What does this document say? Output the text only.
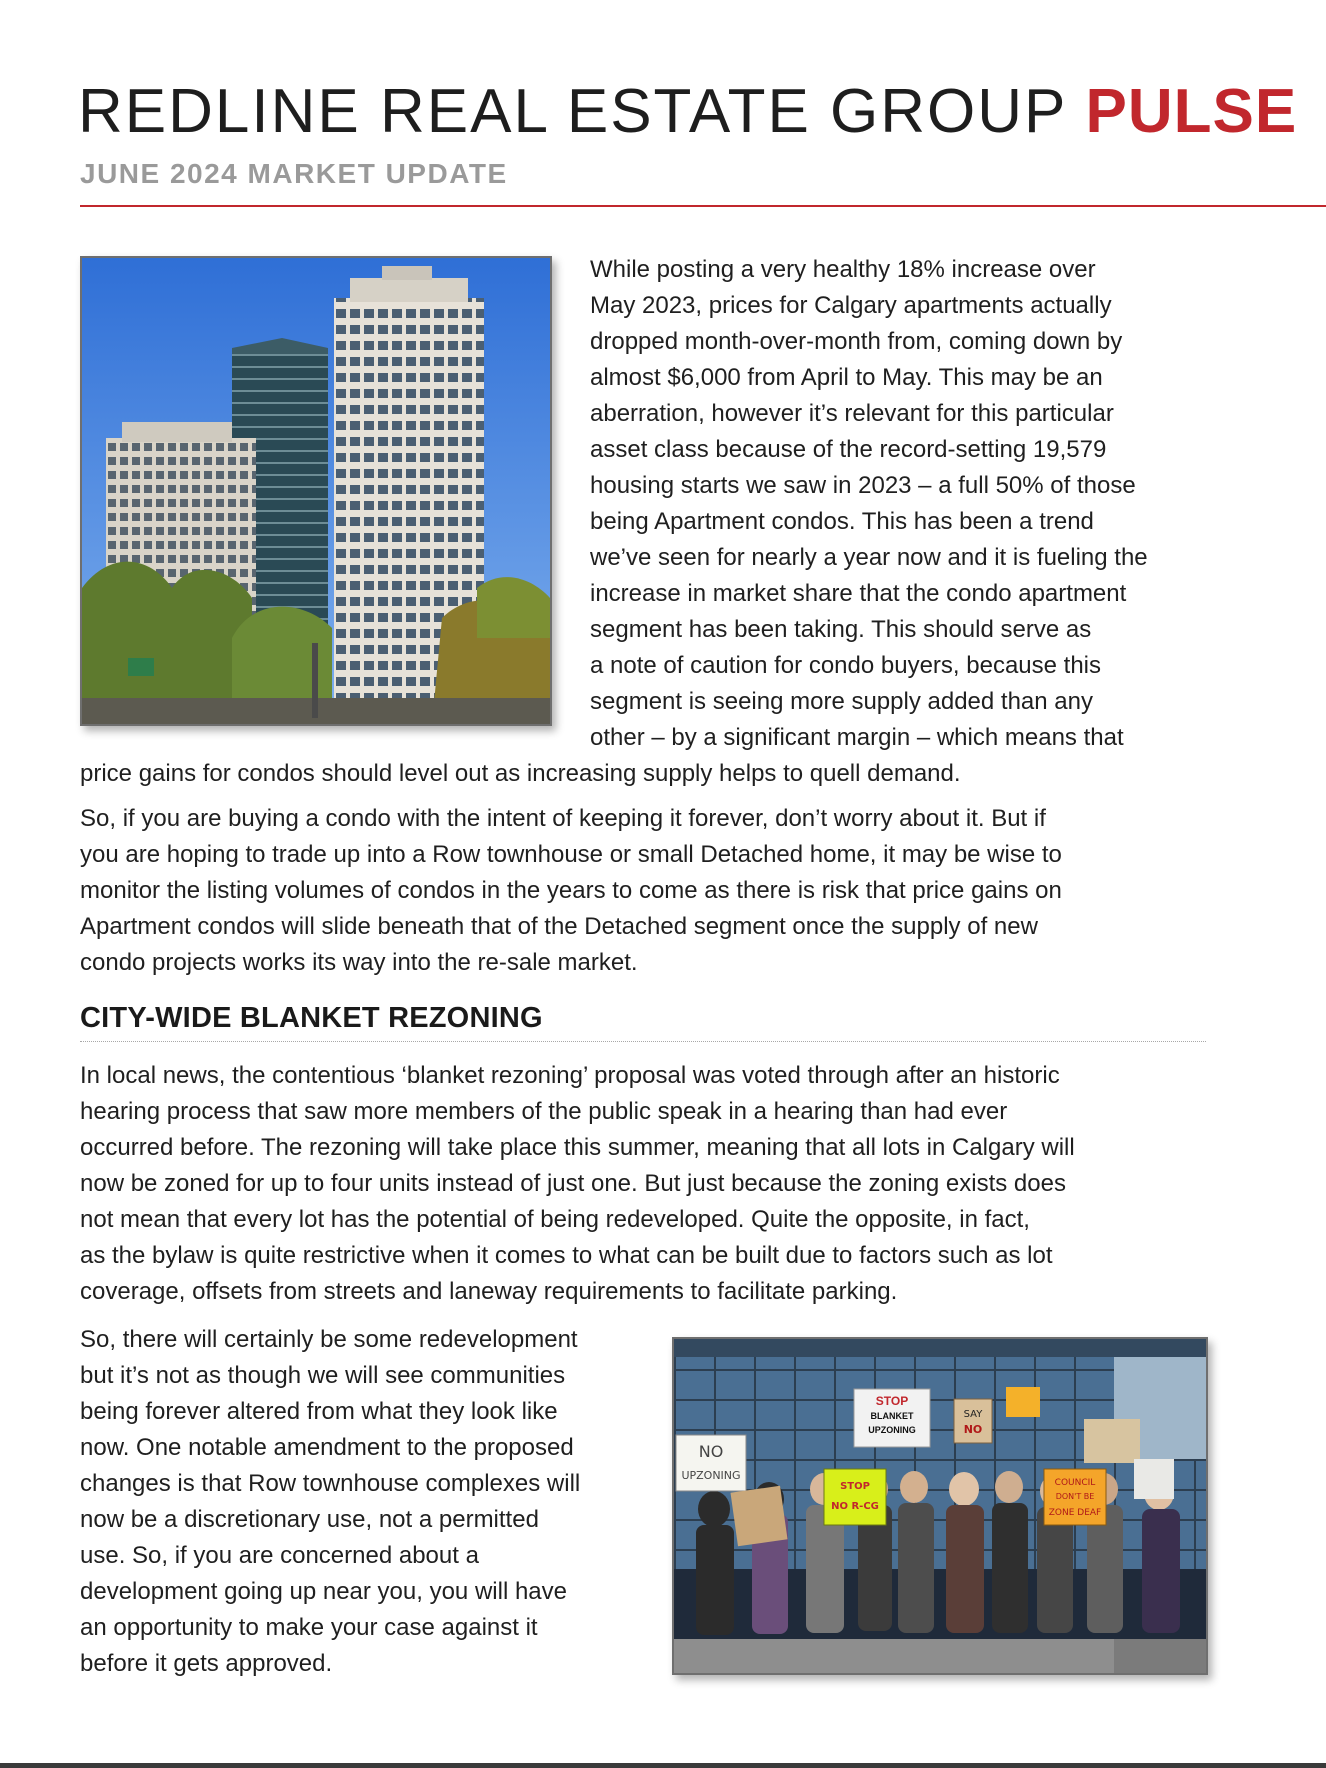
REDLINE REAL ESTATE GROUP PULSE

JUNE 2024 MARKET UPDATE

While posting a very healthy 18% increase over
May 2023, prices for Calgary apartments actually
dropped month-over-month from, coming down by
almost $6,000 from April to May. This may be an
aberration, however it’s relevant for this particular
asset class because of the record-setting 19,579
housing starts we saw in 2023 – a full 50% of those
being Apartment condos. This has been a trend
we’ve seen for nearly a year now and it is fueling the
increase in market share that the condo apartment
segment has been taking. This should serve as
a note of caution for condo buyers, because this
segment is seeing more supply added than any
other – by a significant margin – which means that
price gains for condos should level out as increasing supply helps to quell demand.

So, if you are buying a condo with the intent of keeping it forever, don’t worry about it. But if
you are hoping to trade up into a Row townhouse or small Detached home, it may be wise to
monitor the listing volumes of condos in the years to come as there is risk that price gains on
Apartment condos will slide beneath that of the Detached segment once the supply of new
condo projects works its way into the re-sale market.

CITY-WIDE BLANKET REZONING

In local news, the contentious ‘blanket rezoning’ proposal was voted through after an historic
hearing process that saw more members of the public speak in a hearing than had ever
occurred before. The rezoning will take place this summer, meaning that all lots in Calgary will
now be zoned for up to four units instead of just one. But just because the zoning exists does
not mean that every lot has the potential of being redeveloped. Quite the opposite, in fact,
as the bylaw is quite restrictive when it comes to what can be built due to factors such as lot
coverage, offsets from streets and laneway requirements to facilitate parking.

So, there will certainly be some redevelopment
but it’s not as though we will see communities
being forever altered from what they look like
now. One notable amendment to the proposed
changes is that Row townhouse complexes will
now be a discretionary use, not a permitted
use. So, if you are concerned about a
development going up near you, you will have
an opportunity to make your case against it
before it gets approved.

STOP
BLANKET
UPZONING
NO
UPZONING
COUNCIL
DON'T BE
ZONE DEAF
SAY
NO
STOP
NO R-CG
